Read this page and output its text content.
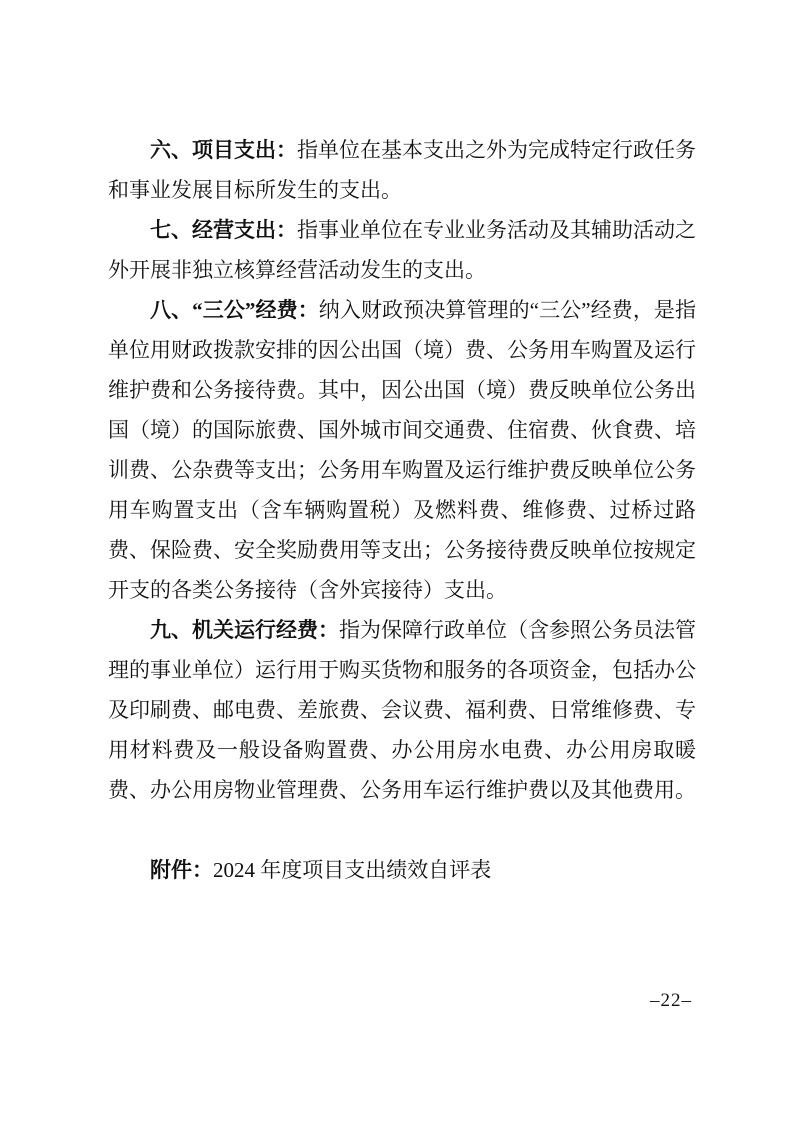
六、项目支出：指单位在基本支出之外为完成特定行政任务和事业发展目标所发生的支出。

七、经营支出：指事业单位在专业业务活动及其辅助活动之外开展非独立核算经营活动发生的支出。

八、“三公”经费：纳入财政预决算管理的“三公”经费，是指单位用财政拨款安排的因公出国（境）费、公务用车购置及运行维护费和公务接待费。其中，因公出国（境）费反映单位公务出国（境）的国际旅费、国外城市间交通费、住宿费、伙食费、培训费、公杂费等支出；公务用车购置及运行维护费反映单位公务用车购置支出（含车辆购置税）及燃料费、维修费、过桥过路费、保险费、安全奖励费用等支出；公务接待费反映单位按规定开支的各类公务接待（含外宾接待）支出。

九、机关运行经费：指为保障行政单位（含参照公务员法管理的事业单位）运行用于购买货物和服务的各项资金，包括办公及印刷费、邮电费、差旅费、会议费、福利费、日常维修费、专用材料费及一般设备购置费、办公用房水电费、办公用房取暖费、办公用房物业管理费、公务用车运行维护费以及其他费用。

附件：2024 年度项目支出绩效自评表

–22–
